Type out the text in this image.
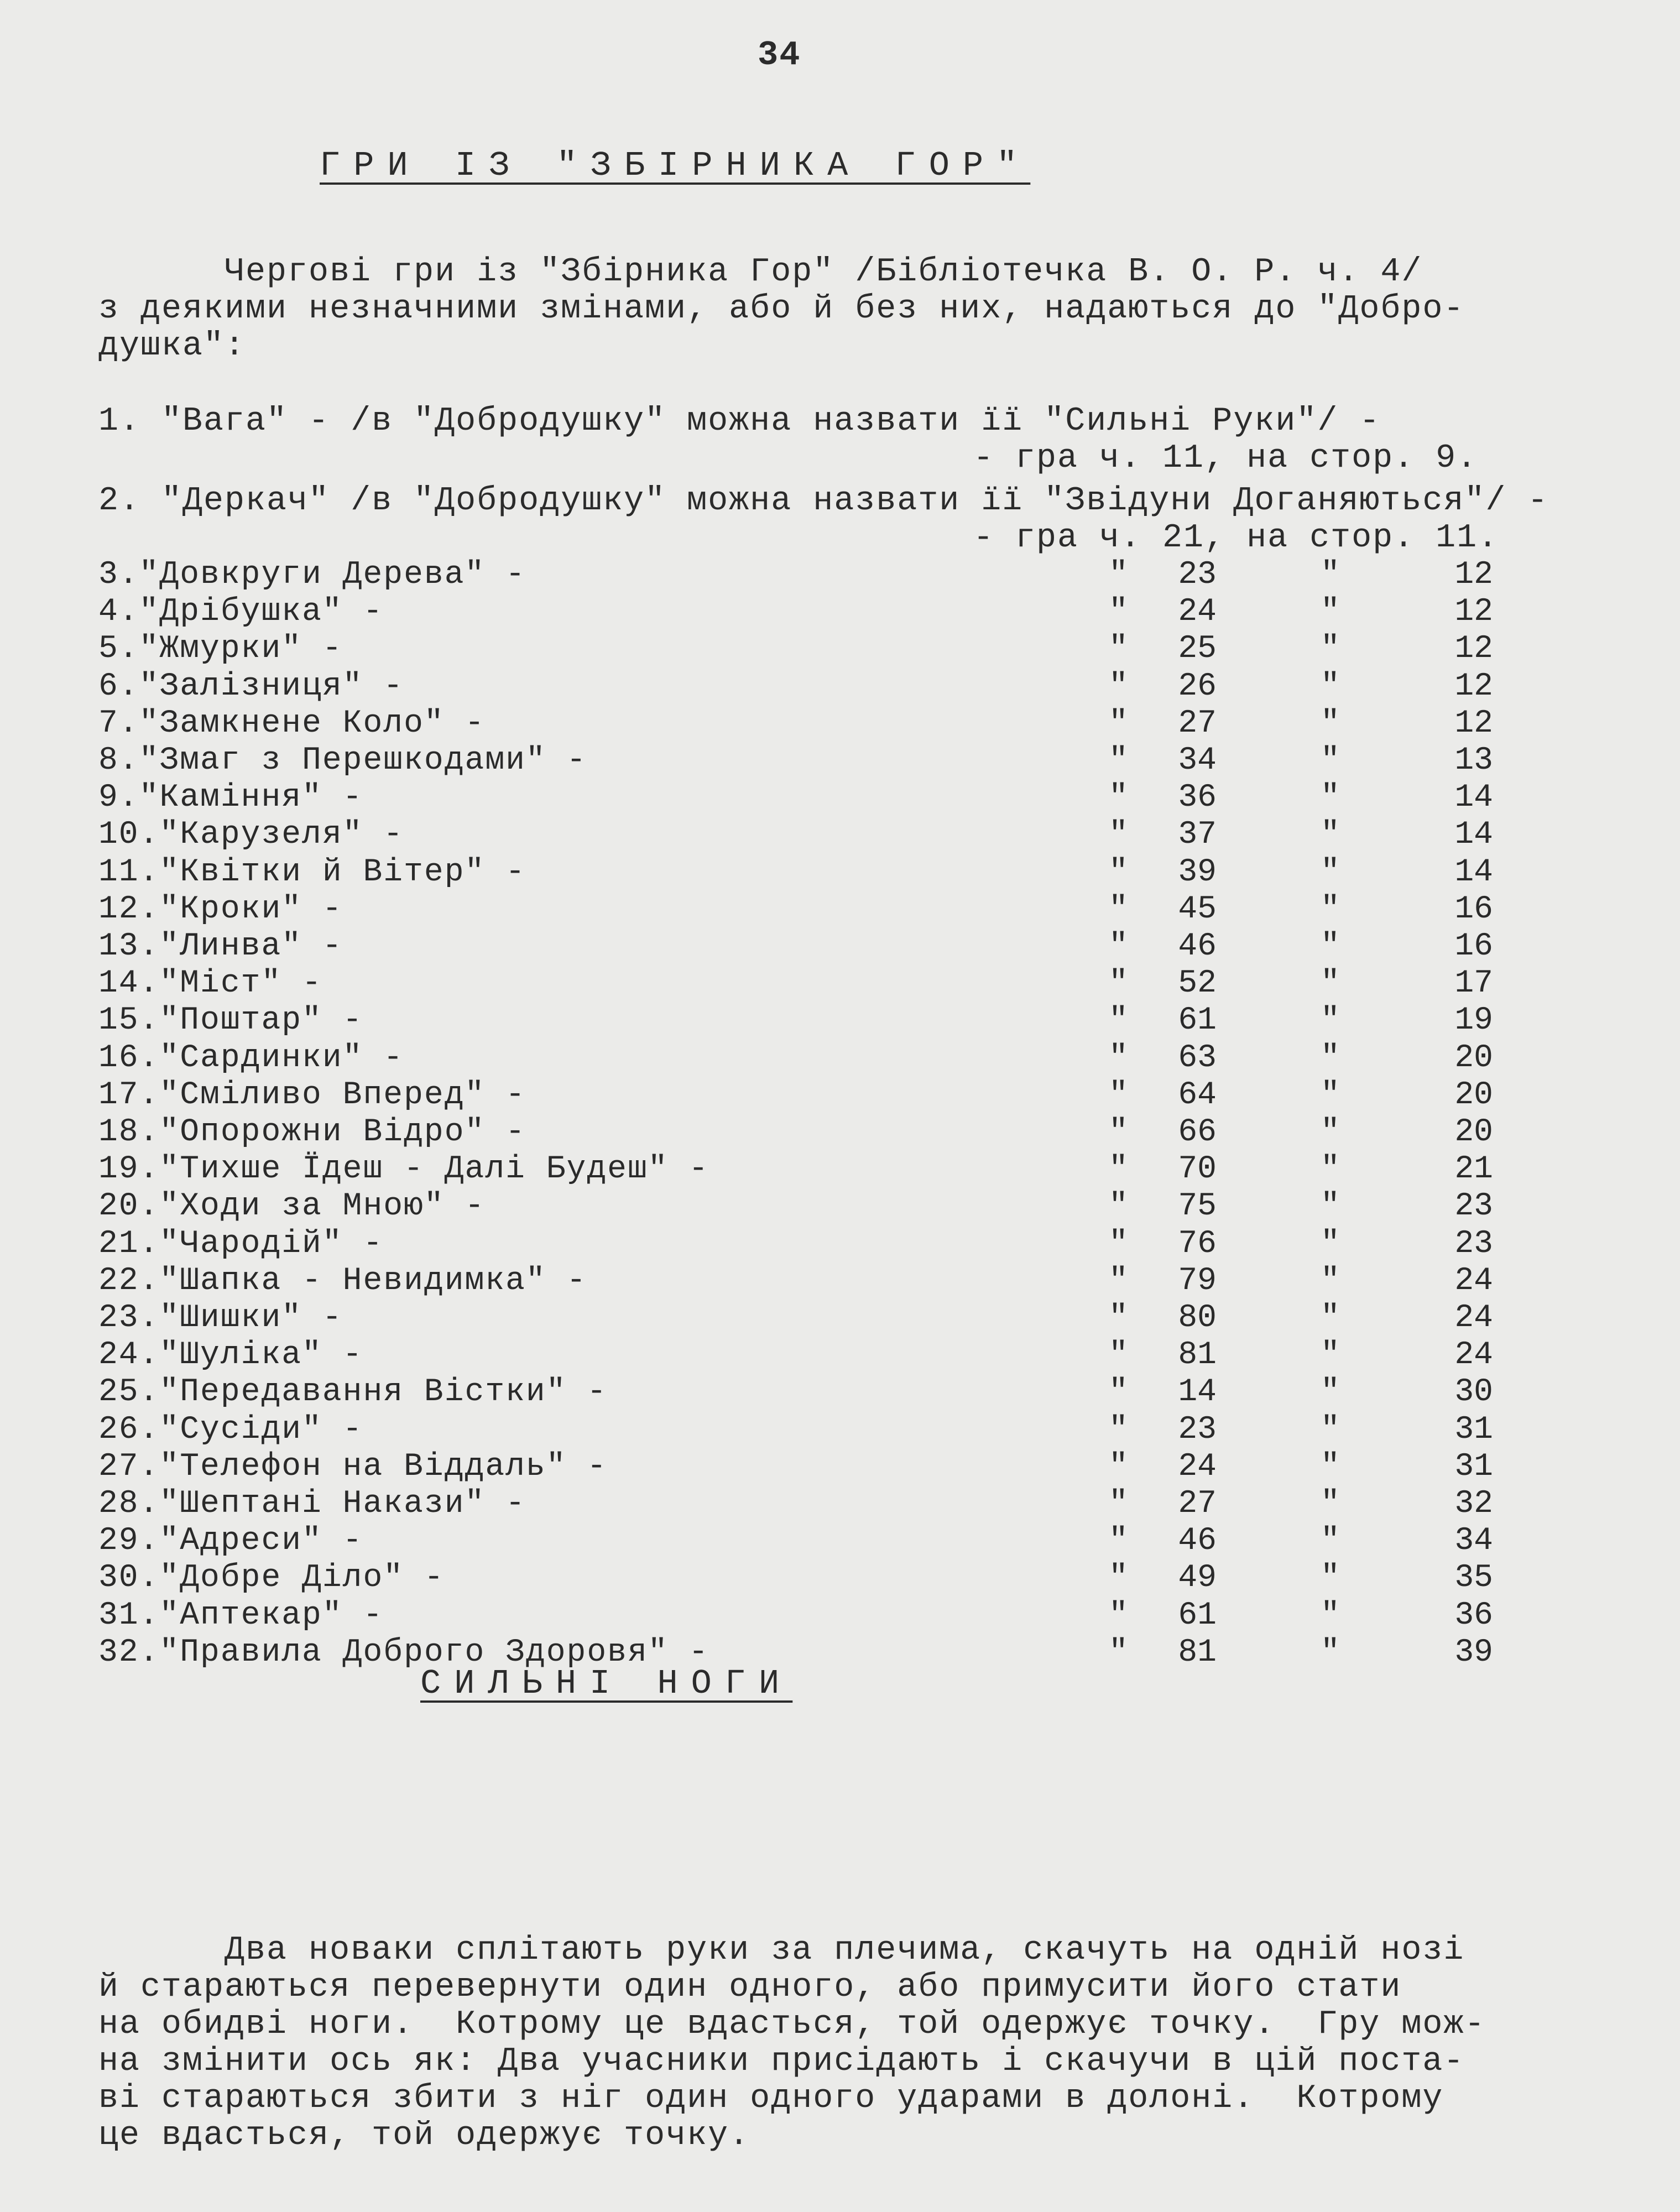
34
ГРИ ІЗ "ЗБІРНИКА ГОР"
Чергові гри із "Збірника Гор" /Бібліотечка В. О. Р. ч. 4/
з деякими незначними змінами, або й без них, надаються до "Добро-
душка":
1. "Вага" - /в "Добродушку" можна назвати її "Сильні Руки"/ -
- гра ч. 11, на стор. 9.
2. "Деркач" /в "Добродушку" можна назвати її "Звідуни Доганяються"/ -
- гра ч. 21, на стор. 11.
3."Довкруги Дерева" -	"	23	"	12
4."Дрібушка" -	"	24	"	12
5."Жмурки" -	"	25	"	12
6."Залізниця" -	"	26	"	12
7."Замкнене Коло" -	"	27	"	12
8."Змаг з Перешкодами" -	"	34	"	13
9."Каміння" -	"	36	"	14
10."Карузеля" -	"	37	"	14
11."Квітки й Вітер" -	"	39	"	14
12."Кроки" -	"	45	"	16
13."Линва" -	"	46	"	16
14."Міст" -	"	52	"	17
15."Поштар" -	"	61	"	19
16."Сардинки" -	"	63	"	20
17."Сміливо Вперед" -	"	64	"	20
18."Опорожни Відро" -	"	66	"	20
19."Тихше Їдеш - Далі Будеш" -	"	70	"	21
20."Ходи за Мною" -	"	75	"	23
21."Чародій" -	"	76	"	23
22."Шапка - Невидимка" -	"	79	"	24
23."Шишки" -	"	80	"	24
24."Шуліка" -	"	81	"	24
25."Передавання Вістки" -	"	14	"	30
26."Сусіди" -	"	23	"	31
27."Телефон на Віддаль" -	"	24	"	31
28."Шептані Накази" -	"	27	"	32
29."Адреси" -	"	46	"	34
30."Добре Діло" -	"	49	"	35
31."Аптекар" -	"	61	"	36
32."Правила Доброго Здоровя" -	"	81	"	39
СИЛЬНІ НОГИ
Два новаки сплітають руки за плечима, скачуть на одній нозі
й стараються перевернути один одного, або примусити його стати
на обидві ноги.  Котрому це вдасться, той одержує точку.  Гру мож-
на змінити ось як: Два учасники присідають і скачучи в цій поста-
ві стараються збити з ніг один одного ударами в долоні.  Котрому
це вдасться, той одержує точку.
